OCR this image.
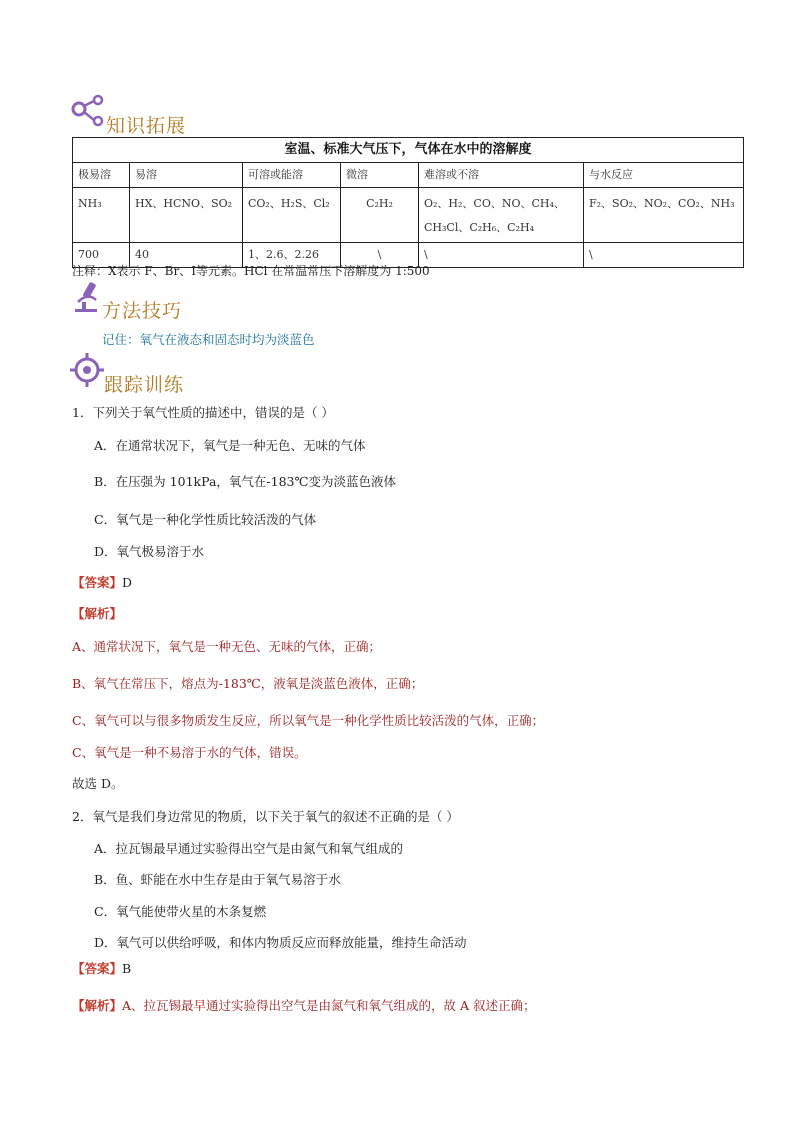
知识拓展
室温、标准大气压下，气体在水中的溶解度					
极易溶	易溶	可溶或能溶	微溶	难溶或不溶	与水反应
NH₃	HX、HCNO、SO₂	CO₂、H₂S、Cl₂	C₂H₂	O₂、H₂、CO、NO、CH₄、CH₃Cl、C₂H₆、C₂H₄	F₂、SO₂、NO₂、CO₂、NH₃
700	40	1、2.6、2.26	\	\	\
注释：X表示 F、Br、I等元素。HCl 在常温常压下溶解度为 1:500
方法技巧
记住：氧气在液态和固态时均为淡蓝色
跟踪训练
1．下列关于氧气性质的描述中，错误的是（ ）
A．在通常状况下，氧气是一种无色、无味的气体
B．在压强为 101kPa，氧气在-183℃变为淡蓝色液体
C．氧气是一种化学性质比较活泼的气体
D．氧气极易溶于水
【答案】D
【解析】
A、通常状况下，氧气是一种无色、无味的气体，正确；
B、氧气在常压下，熔点为-183℃，液氧是淡蓝色液体，正确；
C、氧气可以与很多物质发生反应，所以氧气是一种化学性质比较活泼的气体，正确；
C、氧气是一种不易溶于水的气体，错误。
故选 D。
2．氧气是我们身边常见的物质，以下关于氧气的叙述不正确的是（ ）
A．拉瓦锡最早通过实验得出空气是由氮气和氧气组成的
B．鱼、虾能在水中生存是由于氧气易溶于水
C．氧气能使带火星的木条复燃
D．氧气可以供给呼吸，和体内物质反应而释放能量，维持生命活动
【答案】B
【解析】A、拉瓦锡最早通过实验得出空气是由氮气和氧气组成的，故 A 叙述正确；
